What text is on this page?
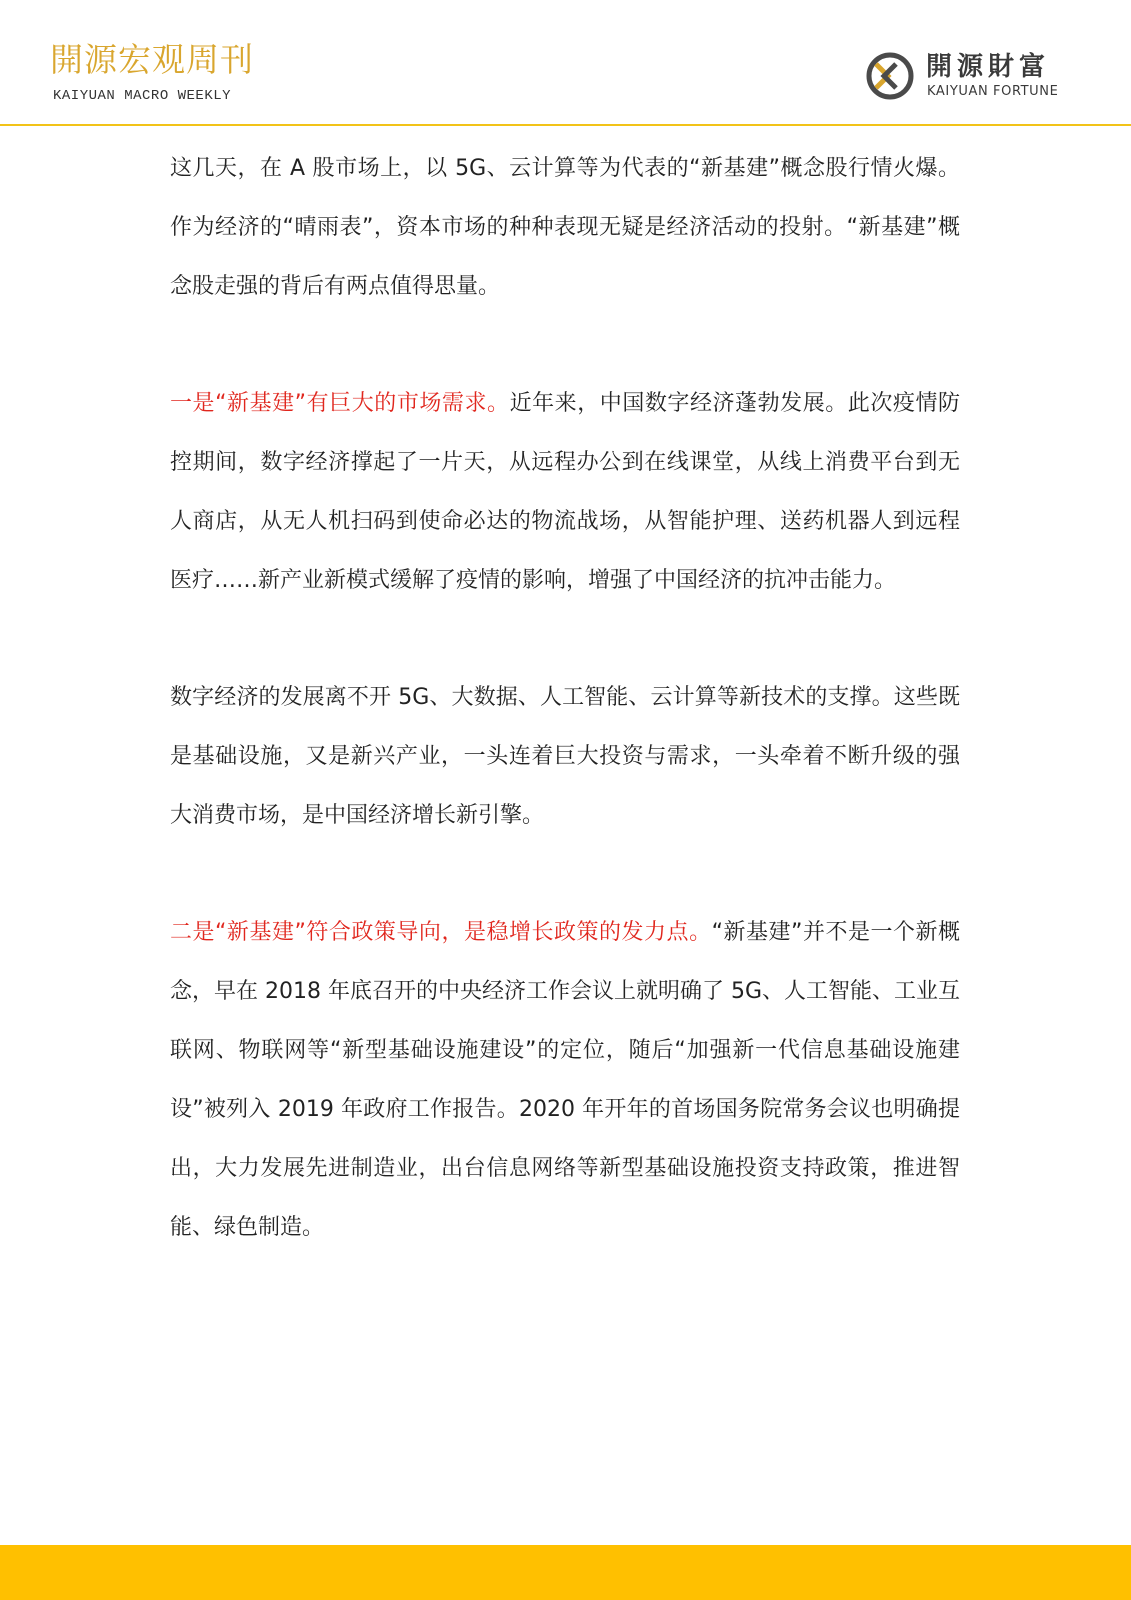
開源宏观周刊
KAIYUAN MACRO WEEKLY
開源財富
KAIYUAN FORTUNE

这几天，在 A 股市场上，以 5G、云计算等为代表的“新基建”概念股行情火爆。作为经济的“晴雨表”，资本市场的种种表现无疑是经济活动的投射。“新基建”概念股走强的背后有两点值得思量。

一是“新基建”有巨大的市场需求。近年来，中国数字经济蓬勃发展。此次疫情防控期间，数字经济撑起了一片天，从远程办公到在线课堂，从线上消费平台到无人商店，从无人机扫码到使命必达的物流战场，从智能护理、送药机器人到远程医疗……新产业新模式缓解了疫情的影响，增强了中国经济的抗冲击能力。

数字经济的发展离不开 5G、大数据、人工智能、云计算等新技术的支撑。这些既是基础设施，又是新兴产业，一头连着巨大投资与需求，一头牵着不断升级的强大消费市场，是中国经济增长新引擎。

二是“新基建”符合政策导向，是稳增长政策的发力点。“新基建”并不是一个新概念，早在 2018 年底召开的中央经济工作会议上就明确了 5G、人工智能、工业互联网、物联网等“新型基础设施建设”的定位，随后“加强新一代信息基础设施建设”被列入 2019 年政府工作报告。2020 年开年的首场国务院常务会议也明确提出，大力发展先进制造业，出台信息网络等新型基础设施投资支持政策，推进智能、绿色制造。
